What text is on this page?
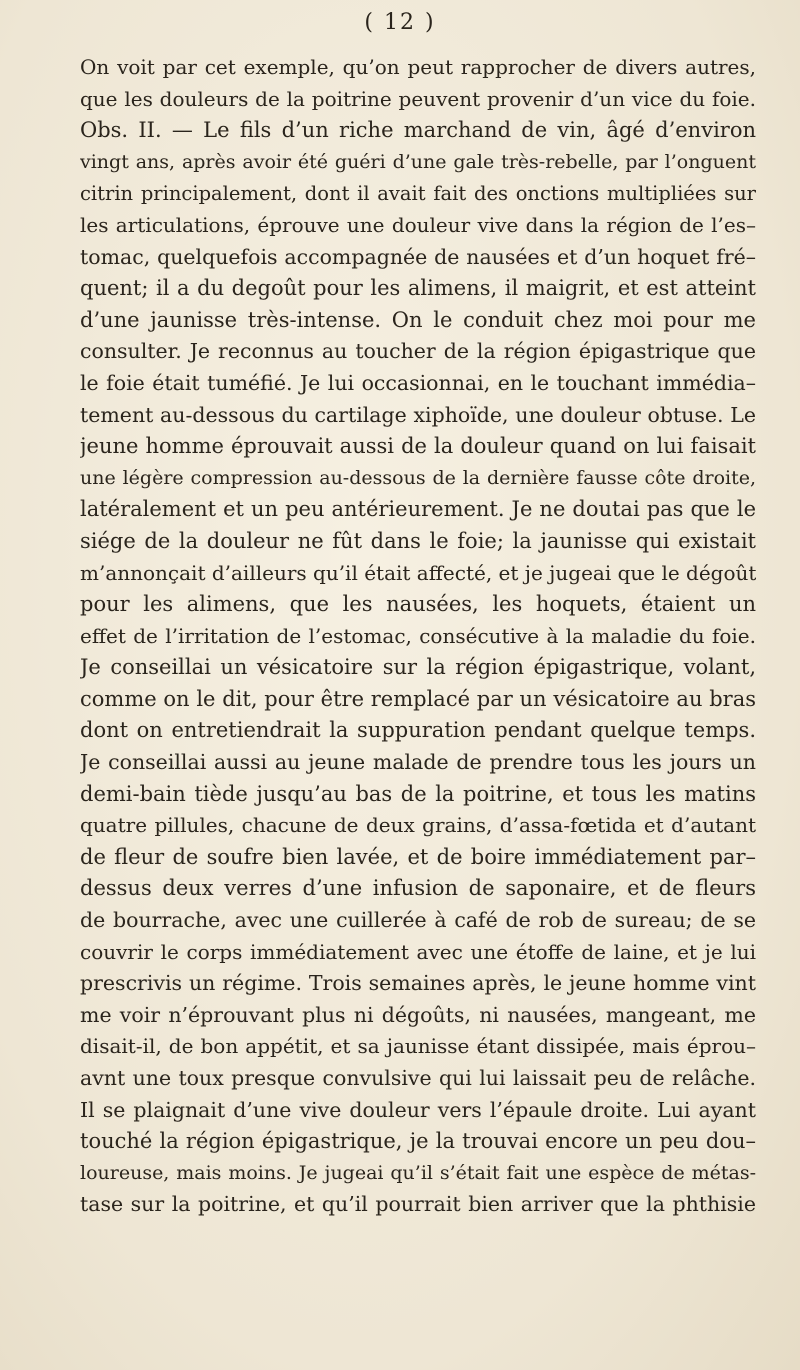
( 12 )
On voit par cet exemple, qu’on peut rapprocher de divers autres,
que les douleurs de la poitrine peuvent provenir d’un vice du foie.
Obs. II. — Le fils d’un riche marchand de vin, âgé d’environ
vingt ans, après avoir été guéri d’une gale très-rebelle, par l’onguent
citrin principalement, dont il avait fait des onctions multipliées sur
les articulations, éprouve une douleur vive dans la région de l’es–
tomac, quelquefois accompagnée de nausées et d’un hoquet fré–
quent; il a du degoût pour les alimens, il maigrit, et est atteint
d’une jaunisse très-intense. On le conduit chez moi pour me
consulter. Je reconnus au toucher de la région épigastrique que
le foie était tuméfié. Je lui occasionnai, en le touchant immédia–
tement au-dessous du cartilage xiphoïde, une douleur obtuse. Le
jeune homme éprouvait aussi de la douleur quand on lui faisait
une légère compression au-dessous de la dernière fausse côte droite,
latéralement et un peu antérieurement. Je ne doutai pas que le
siége de la douleur ne fût dans le foie; la jaunisse qui existait
m’annonçait d’ailleurs qu’il était affecté, et je jugeai que le dégoût
pour les alimens, que les nausées, les hoquets, étaient un
effet de l’irritation de l’estomac, consécutive à la maladie du foie.
Je conseillai un vésicatoire sur la région épigastrique, volant,
comme on le dit, pour être remplacé par un vésicatoire au bras
dont on entretiendrait la suppuration pendant quelque temps.
Je conseillai aussi au jeune malade de prendre tous les jours un
demi-bain tiède jusqu’au bas de la poitrine, et tous les matins
quatre pillules, chacune de deux grains, d’assa-fœtida et d’autant
de fleur de soufre bien lavée, et de boire immédiatement par–
dessus deux verres d’une infusion de saponaire, et de fleurs
de bourrache, avec une cuillerée à café de rob de sureau; de se
couvrir le corps immédiatement avec une étoffe de laine, et je lui
prescrivis un régime. Trois semaines après, le jeune homme vint
me voir n’éprouvant plus ni dégoûts, ni nausées, mangeant, me
disait-il, de bon appétit, et sa jaunisse étant dissipée, mais éprou–
avnt une toux presque convulsive qui lui laissait peu de relâche.
Il se plaignait d’une vive douleur vers l’épaule droite. Lui ayant
touché la région épigastrique, je la trouvai encore un peu dou–
loureuse, mais moins. Je jugeai qu’il s’était fait une espèce de métas-
tase sur la poitrine, et qu’il pourrait bien arriver que la phthisie
